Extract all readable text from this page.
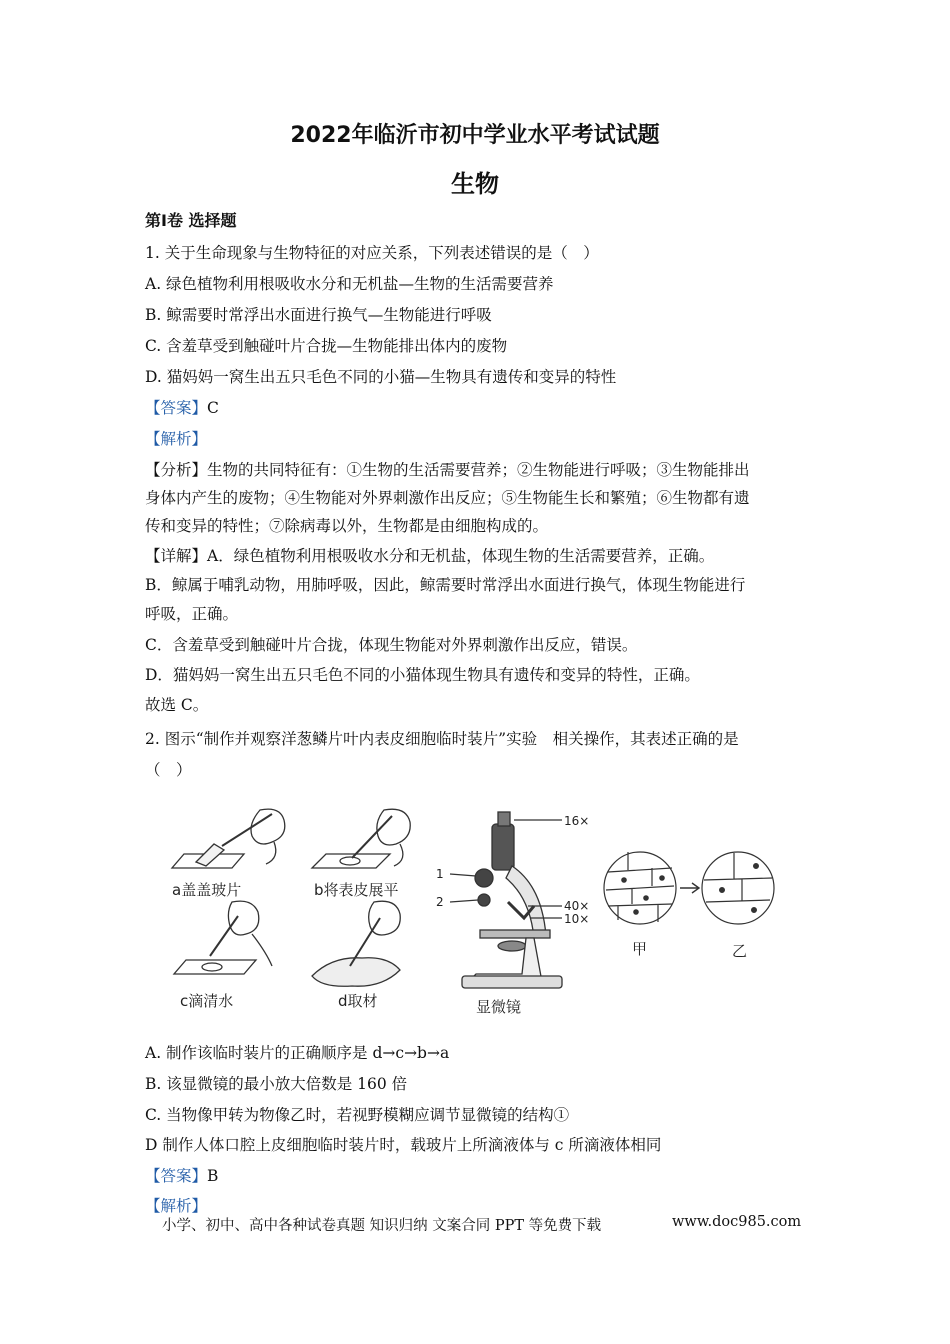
2022年临沂市初中学业水平考试试题
生物
第Ⅰ卷 选择题
1. 关于生命现象与生物特征的对应关系，下列表述错误的是（　）
A. 绿色植物利用根吸收水分和无机盐—生物的生活需要营养
B. 鲸需要时常浮出水面进行换气—生物能进行呼吸
C. 含羞草受到触碰叶片合拢—生物能排出体内的废物
D. 猫妈妈一窝生出五只毛色不同的小猫—生物具有遗传和变异的特性
【答案】C
【解析】
【分析】生物的共同特征有：①生物的生活需要营养；②生物能进行呼吸；③生物能排出
身体内产生的废物；④生物能对外界刺激作出反应；⑤生物能生长和繁殖；⑥生物都有遗
传和变异的特性；⑦除病毒以外，生物都是由细胞构成的。
【详解】A．绿色植物利用根吸收水分和无机盐，体现生物的生活需要营养，正确。
B．鲸属于哺乳动物，用肺呼吸，因此，鲸需要时常浮出水面进行换气，体现生物能进行
呼吸，正确。
C．含羞草受到触碰叶片合拢，体现生物能对外界刺激作出反应，错误。
D．猫妈妈一窝生出五只毛色不同的小猫体现生物具有遗传和变异的特性，正确。
故选 C。
2. 图示“制作并观察洋葱鳞片叶内表皮细胞临时装片”实验　相关操作，其表述正确的是
（　）
a盖盖玻片	b将表皮展平
c滴清水	d取材
16×
40×
10×
1
2
显微镜
甲	乙
A. 制作该临时装片的正确顺序是 d→c→b→a
B. 该显微镜的最小放大倍数是 160 倍
C. 当物像甲转为物像乙时，若视野模糊应调节显微镜的结构①
D 制作人体口腔上皮细胞临时装片时，载玻片上所滴液体与 c 所滴液体相同
【答案】B
【解析】
小学、初中、高中各种试卷真题 知识归纳 文案合同 PPT 等免费下载	www.doc985.com
